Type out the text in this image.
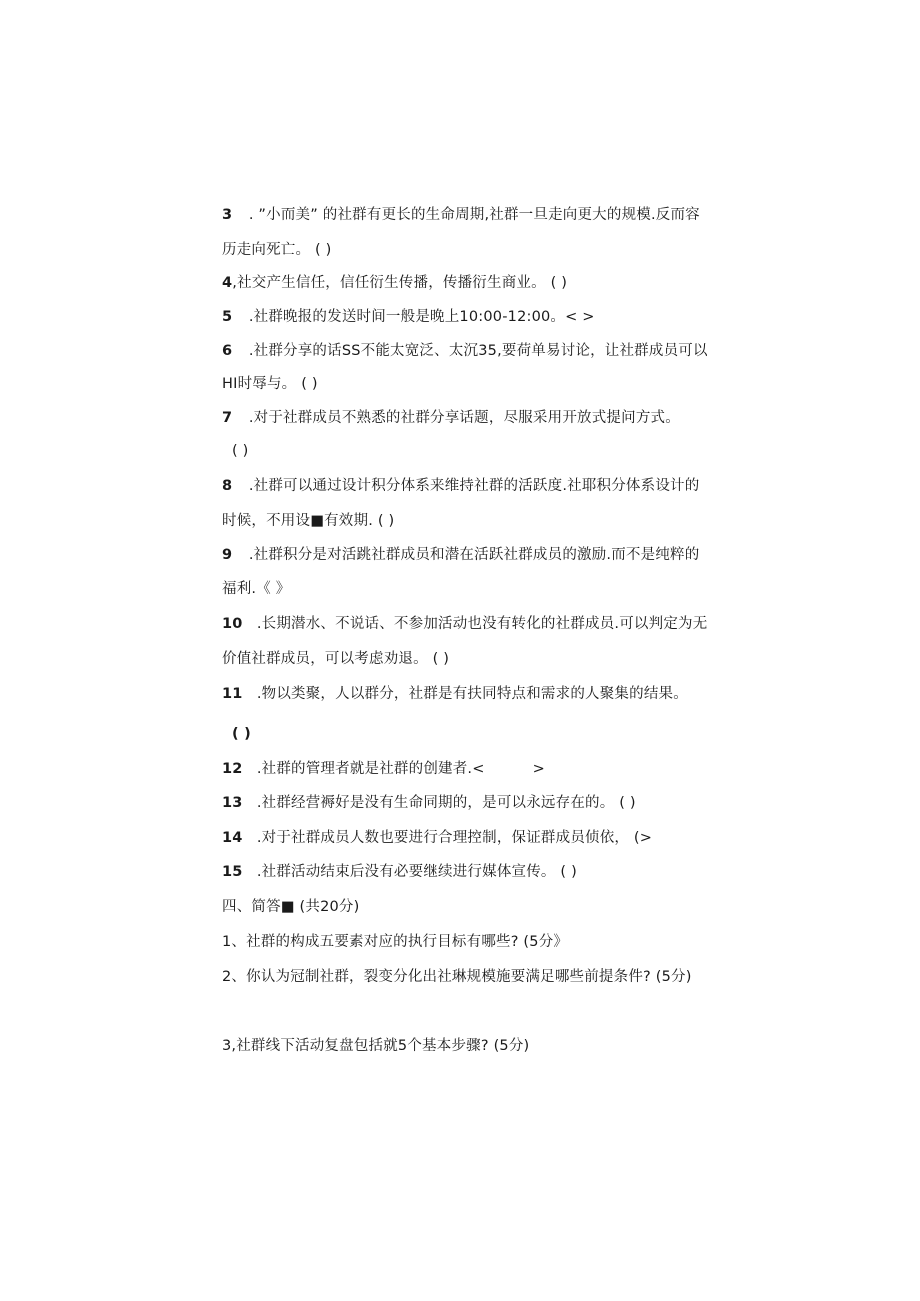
3 . ”小而美” 的社群有更长的生命周期,社群一旦走向更大的规模.反而容
历走向死亡。 ( )
4,社交产生信任，信任衍生传播，传播衍生商业。 ( )
5 .社群晚报的发送时间一般是晚上10:00-12:00。< >
6 .社群分享的话SS不能太宽泛、太沉35,要荷单易讨论，让社群成员可以
HI时辱与。 ( )
7 .对于社群成员不熟悉的社群分享话题，尽服采用开放式提问方式。
( )
8 .社群可以通过设计积分体系来维持社群的活跃度.社耶积分体系设计的
时候，不用设■有效期. ( )
9 .社群积分是对活跳社群成员和潜在活跃社群成员的激励.而不是纯粹的
福利.《 》
10 .长期潜水、不说话、不参加活动也没有转化的社群成员.可以判定为无
价值社群成员，可以考虑劝退。 ( )
11 .物以类聚，人以群分，社群是有扶同特点和需求的人聚集的结果。
( )
12 .社群的管理者就是社群的创建者.<          >
13 .社群经营褥好是没有生命同期的，是可以永远存在的。 ( )
14 .对于社群成员人数也要进行合理控制，保证群成员侦依， (>
15 .社群活动结束后没有必要继续进行媒体宣传。 ( )
四、简答■ (共20分)
1、社群的构成五要素对应的执行目标有哪些? (5分》
2、你认为冠制社群，裂变分化出社琳规模施要满足哪些前提条件? (5分)
3,社群线下活动复盘包括就5个基本步骤? (5分)
